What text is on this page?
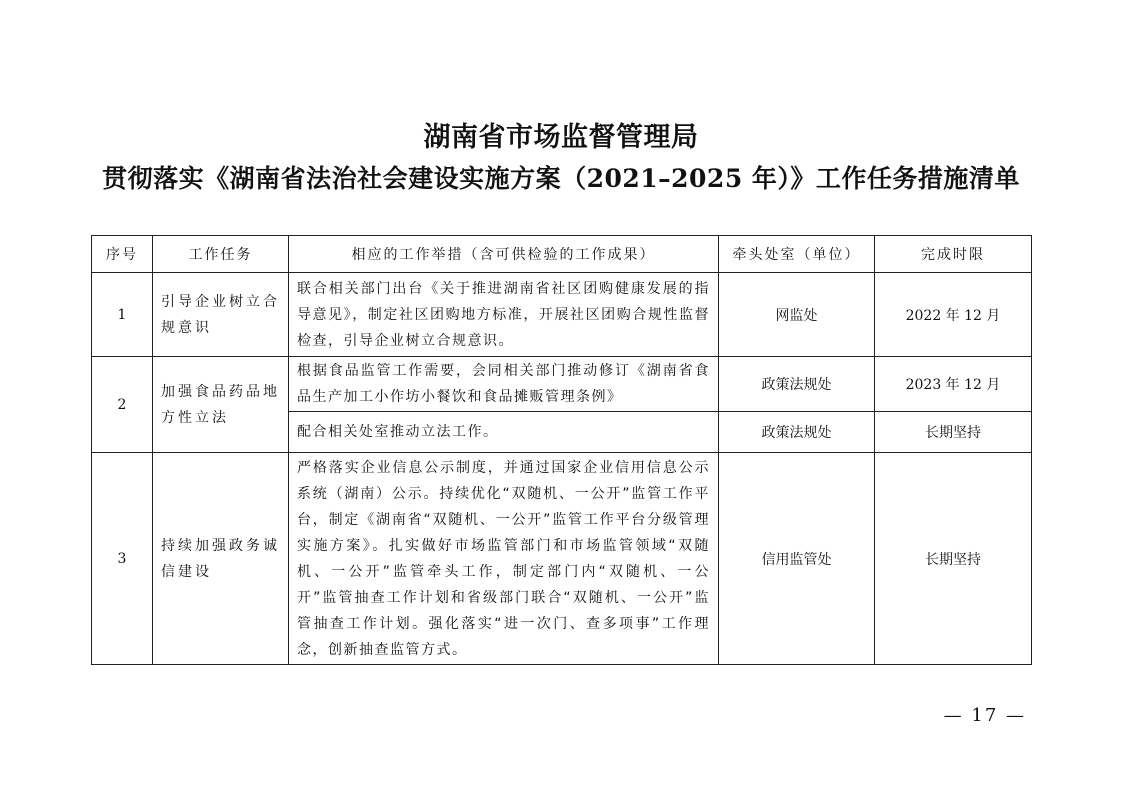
湖南省市场监督管理局
贯彻落实《湖南省法治社会建设实施方案（2021–2025 年）》工作任务措施清单
序号	工作任务	相应的工作举措（含可供检验的工作成果）	牵头处室（单位）	完成时限
1	引导企业树立合规意识	联合相关部门出台《关于推进湖南省社区团购健康发展的指导意见》，制定社区团购地方标准，开展社区团购合规性监督检查，引导企业树立合规意识。	网监处	2022 年 12 月
2	加强食品药品地方性立法	根据食品监管工作需要，会同相关部门推动修订《湖南省食品生产加工小作坊小餐饮和食品摊贩管理条例》	政策法规处	2023 年 12 月
		配合相关处室推动立法工作。	政策法规处	长期坚持
3	持续加强政务诚信建设	严格落实企业信息公示制度，并通过国家企业信用信息公示系统（湖南）公示。持续优化“双随机、一公开”监管工作平台，制定《湖南省“双随机、一公开”监管工作平台分级管理实施方案》。扎实做好市场监管部门和市场监管领域“双随机、一公开”监管牵头工作，制定部门内“双随机、一公开”监管抽查工作计划和省级部门联合“双随机、一公开”监管抽查工作计划。强化落实“进一次门、查多项事”工作理念，创新抽查监管方式。	信用监管处	长期坚持
— 17 —
